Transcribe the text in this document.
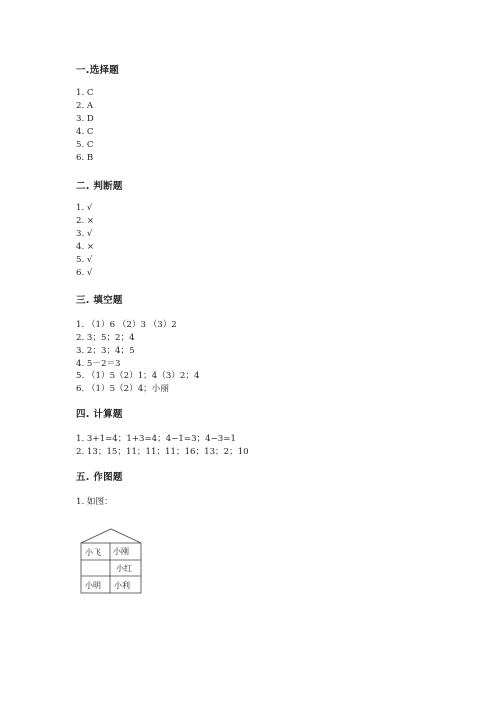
一.选择题
1. C
2. A
3. D
4. C
5. C
6. B
二. 判断题
1. √
2. ×
3. √
4. ×
5. √
6. √
三. 填空题
1. （1）6 （2）3 （3）2
2. 3；5；2；4
3. 2；3；4；5
4. 5－2＝3
5. （1）5（2）1；4（3）2；4
6. （1）5（2）4；小丽
四. 计算题
1. 3+1=4；1+3=4；4−1=3；4−3=1
2. 13；15；11；11；11；16；13；2；10
五. 作图题
1. 如图：
小飞 小刚
小红
小明 小利
